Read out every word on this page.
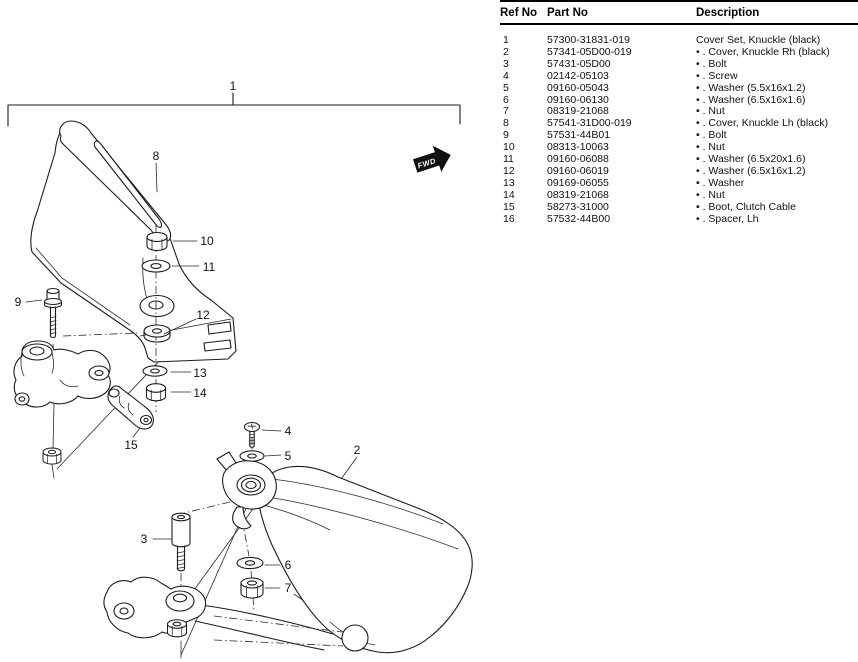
FWD
1
2
3
4
5
6
7
8
9
10
11
12
13
14
15
Ref No	Part No	Description
1	57300-31831-019	Cover Set, Knuckle (black)
2	57341-05D00-019	• . Cover, Knuckle Rh (black)
3	57431-05D00	• . Bolt
4	02142-05103	• . Screw
5	09160-05043	• . Washer (5.5x16x1.2)
6	09160-06130	• . Washer (6.5x16x1.6)
7	08319-21068	• . Nut
8	57541-31D00-019	• . Cover, Knuckle Lh (black)
9	57531-44B01	• . Bolt
10	08313-10063	• . Nut
11	09160-06088	• . Washer (6.5x20x1.6)
12	09160-06019	• . Washer (6.5x16x1.2)
13	09169-06055	• . Washer
14	08319-21068	• . Nut
15	58273-31000	• . Boot, Clutch Cable
16	57532-44B00	• . Spacer, Lh
